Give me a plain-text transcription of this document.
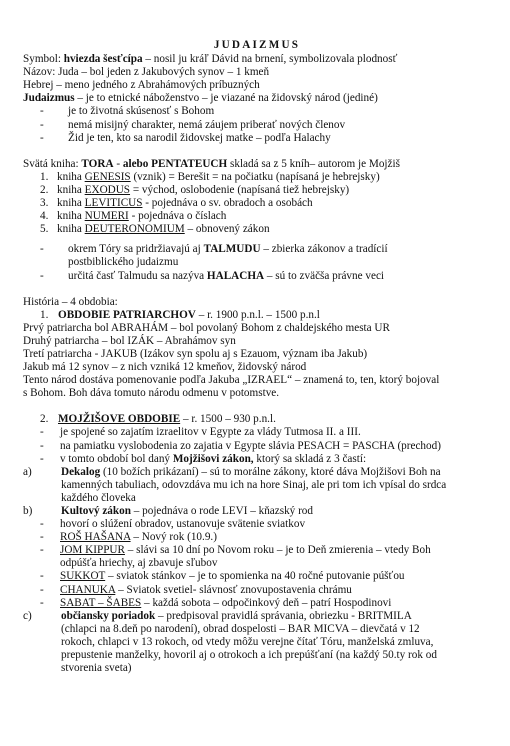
JUDAIZMUS
Symbol: hviezda šesťcípa – nosil ju kráľ Dávid na brnení, symbolizovala plodnosť
Názov: Juda – bol jeden z Jakubových synov – 1 kmeň
Hebrej – meno jedného z Abrahámových príbuzných
Judaizmus – je to etnické náboženstvo – je viazané na židovský národ (jediné)
- je to životná skúsenosť s Bohom
- nemá misijný charakter, nemá záujem priberať nových členov
- Žid je ten, kto sa narodil židovskej matke – podľa Halachy
Svätá kniha: TORA - alebo PENTATEUCH skladá sa z 5 kníh– autorom je Mojžiš
1. kniha GENESIS (vznik) = Berešit = na počiatku (napísaná je hebrejsky)
2. kniha EXODUS = východ, oslobodenie (napísaná tiež hebrejsky)
3. kniha LEVITICUS - pojednáva o sv. obradoch a osobách
4. kniha NUMERI - pojednáva o číslach
5. kniha DEUTERONOMIUM – obnovený zákon
- okrem Tóry sa pridržiavajú aj TALMUDU – zbierka zákonov a tradícií
postbiblického judaizmu
- určitá časť Talmudu sa nazýva HALACHA – sú to zväčša právne veci
História – 4 obdobia:
1. OBDOBIE PATRIARCHOV – r. 1900 p.n.l. – 1500 p.n.l
Prvý patriarcha bol ABRAHÁM – bol povolaný Bohom z chaldejského mesta UR
Druhý patriarcha – bol IZÁK – Abrahámov syn
Tretí patriarcha - JAKUB (Izákov syn spolu aj s Ezauom, význam iba Jakub)
Jakub má 12 synov – z nich vzniká 12 kmeňov, židovský národ
Tento národ dostáva pomenovanie podľa Jakuba „IZRAEL“ – znamená to, ten, ktorý bojoval
s Bohom. Boh dáva tomuto národu odmenu v potomstve.
2. MOJŽIŠOVE OBDOBIE – r. 1500 – 930 p.n.l.
- je spojené so zajatím izraelitov v Egypte za vlády Tutmosa II. a III.
- na pamiatku vyslobodenia zo zajatia v Egypte slávia PESACH = PASCHA (prechod)
- v tomto období bol daný Mojžišovi zákon, ktorý sa skladá z 3 častí:
a)	Dekalog (10 božích prikázaní) – sú to morálne zákony, ktoré dáva Mojžišovi Boh na
kamenných tabuliach, odovzdáva mu ich na hore Sinaj, ale pri tom ich vpísal do srdca
každého človeka
b)	Kultový zákon – pojednáva o rode LEVI – kňazský rod
- hovorí o slúžení obradov, ustanovuje svätenie sviatkov
- ROŠ HAŠANA – Nový rok (10.9.)
- JOM KIPPUR – slávi sa 10 dní po Novom roku – je to Deň zmierenia – vtedy Boh
odpúšťa hriechy, aj zbavuje sľubov
- SUKKOT – sviatok stánkov – je to spomienka na 40 ročné putovanie púšťou
- CHANUKA – Sviatok svetiel- slávnosť znovupostavenia chrámu
- SABAT – ŠABES – každá sobota – odpočinkový deň – patrí Hospodinovi
c)	občiansky poriadok – predpisoval pravidlá správania, obriezku - BRITMILA
(chlapci na 8.deň po narodení), obrad dospelosti – BAR MICVA – dievčatá v 12
rokoch, chlapci v 13 rokoch, od vtedy môžu verejne čítať Tóru, manželská zmluva,
prepustenie manželky, hovoril aj o otrokoch a ich prepúšťaní (na každý 50.ty rok od
stvorenia sveta)
